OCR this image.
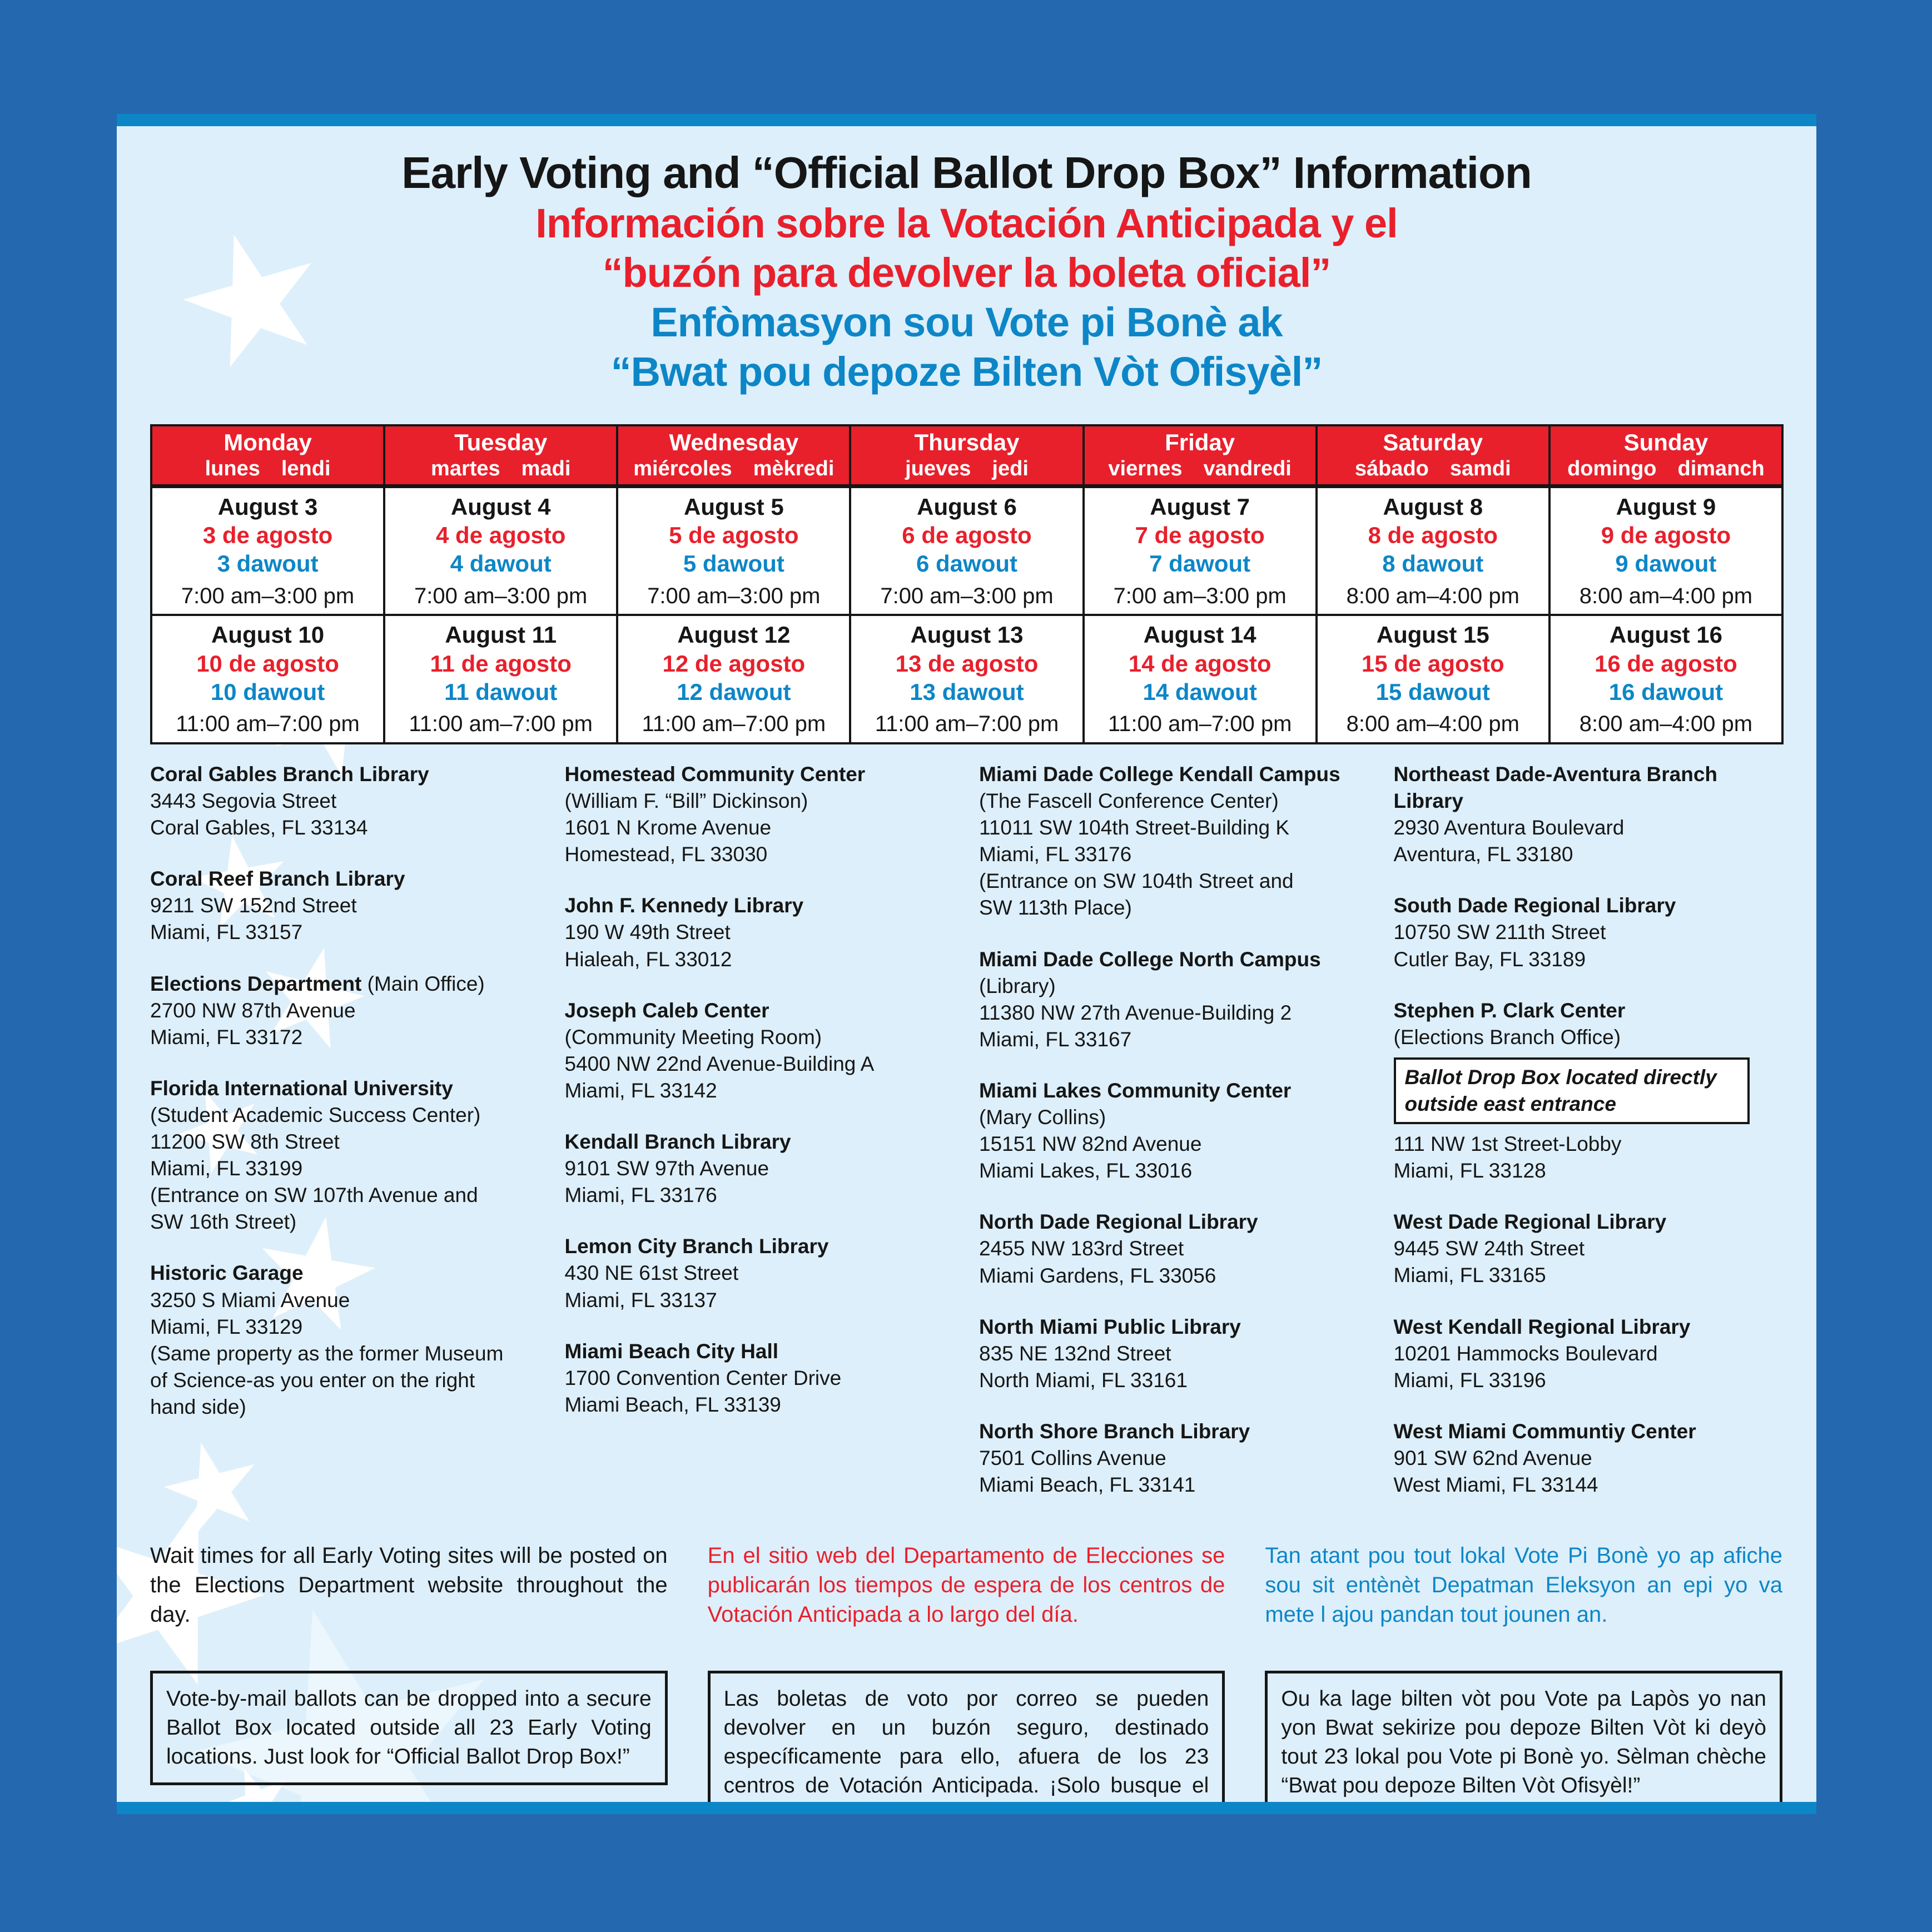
Early Voting and “Official Ballot Drop Box” Information
Información sobre la Votación Anticipada y el
“buzón para devolver la boleta oficial”
Enfòmasyon sou Vote pi Bonè ak
“Bwat pou depoze Bilten Vòt Ofisyèl”
Monday
lunes lendi	Tuesday
martes madi	Wednesday
miércoles mèkredi	Thursday
jueves jedi	Friday
viernes vandredi	Saturday
sábado samdi	Sunday
domingo dimanch

August 3
3 de agosto
3 dawout
7:00 am–3:00 pm	August 4
4 de agosto
4 dawout
7:00 am–3:00 pm	August 5
5 de agosto
5 dawout
7:00 am–3:00 pm	August 6
6 de agosto
6 dawout
7:00 am–3:00 pm	August 7
7 de agosto
7 dawout
7:00 am–3:00 pm	August 8
8 de agosto
8 dawout
8:00 am–4:00 pm	August 9
9 de agosto
9 dawout
8:00 am–4:00 pm

August 10
10 de agosto
10 dawout
11:00 am–7:00 pm	August 11
11 de agosto
11 dawout
11:00 am–7:00 pm	August 12
12 de agosto
12 dawout
11:00 am–7:00 pm	August 13
13 de agosto
13 dawout
11:00 am–7:00 pm	August 14
14 de agosto
14 dawout
11:00 am–7:00 pm	August 15
15 de agosto
15 dawout
8:00 am–4:00 pm	August 16
16 de agosto
16 dawout
8:00 am–4:00 pm
Coral Gables Branch Library
3443 Segovia Street
Coral Gables, FL 33134
Coral Reef Branch Library
9211 SW 152nd Street
Miami, FL 33157
Elections Department (Main Office)
2700 NW 87th Avenue
Miami, FL 33172
Florida International University
(Student Academic Success Center)
11200 SW 8th Street
Miami, FL 33199
(Entrance on SW 107th Avenue and
SW 16th Street)
Historic Garage
3250 S Miami Avenue
Miami, FL 33129
(Same property as the former Museum
of Science-as you enter on the right
hand side)
Homestead Community Center
(William F. “Bill” Dickinson)
1601 N Krome Avenue
Homestead, FL 33030
John F. Kennedy Library
190 W 49th Street
Hialeah, FL 33012
Joseph Caleb Center
(Community Meeting Room)
5400 NW 22nd Avenue-Building A
Miami, FL 33142
Kendall Branch Library
9101 SW 97th Avenue
Miami, FL 33176
Lemon City Branch Library
430 NE 61st Street
Miami, FL 33137
Miami Beach City Hall
1700 Convention Center Drive
Miami Beach, FL 33139
Miami Dade College Kendall Campus
(The Fascell Conference Center)
11011 SW 104th Street-Building K
Miami, FL 33176
(Entrance on SW 104th Street and
SW 113th Place)
Miami Dade College North Campus
(Library)
11380 NW 27th Avenue-Building 2
Miami, FL 33167
Miami Lakes Community Center
(Mary Collins)
15151 NW 82nd Avenue
Miami Lakes, FL 33016
North Dade Regional Library
2455 NW 183rd Street
Miami Gardens, FL 33056
North Miami Public Library
835 NE 132nd Street
North Miami, FL 33161
North Shore Branch Library
7501 Collins Avenue
Miami Beach, FL 33141
Northeast Dade-Aventura Branch Library
2930 Aventura Boulevard
Aventura, FL 33180
South Dade Regional Library
10750 SW 211th Street
Cutler Bay, FL 33189
Stephen P. Clark Center
(Elections Branch Office)
Ballot Drop Box located directly outside east entrance
111 NW 1st Street-Lobby
Miami, FL 33128
West Dade Regional Library
9445 SW 24th Street
Miami, FL 33165
West Kendall Regional Library
10201 Hammocks Boulevard
Miami, FL 33196
West Miami Communtiy Center
901 SW 62nd Avenue
West Miami, FL 33144

Wait times for all Early Voting sites will be posted on the Elections Department website throughout the day.

En el sitio web del Departamento de Elecciones se publicarán los tiempos de espera de los centros de Votación Anticipada a lo largo del día.

Tan atant pou tout lokal Vote Pi Bonè yo ap afiche sou sit entènèt Depatman Eleksyon an epi yo va mete l ajou pandan tout jounen an.

Vote-by-mail ballots can be dropped into a secure Ballot Box located outside all 23 Early Voting locations. Just look for “Official Ballot Drop Box!”
Las boletas de voto por correo se pueden devolver en un buzón seguro, destinado específicamente para ello, afuera de los 23 centros de Votación Anticipada. ¡Solo busque el “buzón para devolver la boleta oficial”!
Ou ka lage bilten vòt pou Vote pa Lapòs yo nan yon Bwat sekirize pou depoze Bilten Vòt ki deyò tout 23 lokal pou Vote pi Bonè yo. Sèlman chèche “Bwat pou depoze Bilten Vòt Ofisyèl!”
